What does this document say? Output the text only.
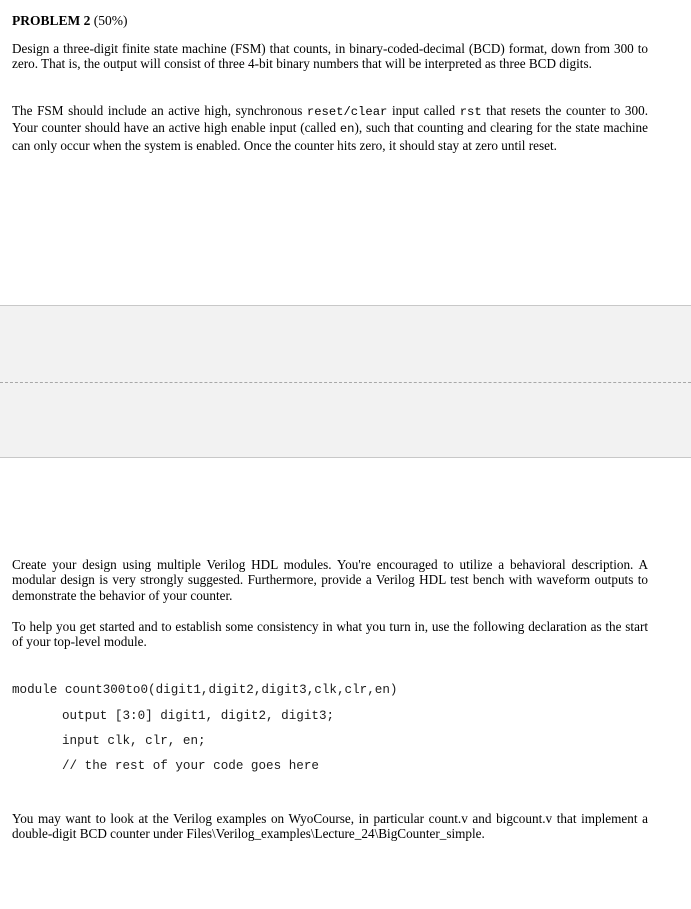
PROBLEM 2 (50%)
Design a three-digit finite state machine (FSM) that counts, in binary-coded-decimal (BCD) format, down from 300 to zero. That is, the output will consist of three 4-bit binary numbers that will be interpreted as three BCD digits.
The FSM should include an active high, synchronous reset/clear input called rst that resets the counter to 300. Your counter should have an active high enable input (called en), such that counting and clearing for the state machine can only occur when the system is enabled. Once the counter hits zero, it should stay at zero until reset.
Create your design using multiple Verilog HDL modules. You're encouraged to utilize a behavioral description. A modular design is very strongly suggested. Furthermore, provide a Verilog HDL test bench with waveform outputs to demonstrate the behavior of your counter.
To help you get started and to establish some consistency in what you turn in, use the following declaration as the start of your top-level module.
module count300to0(digit1,digit2,digit3,clk,clr,en)
output [3:0] digit1, digit2, digit3;
input clk, clr, en;
// the rest of your code goes here
You may want to look at the Verilog examples on WyoCourse, in particular count.v and bigcount.v that implement a double-digit BCD counter under Files\Verilog_examples\Lecture_24\BigCounter_simple.
